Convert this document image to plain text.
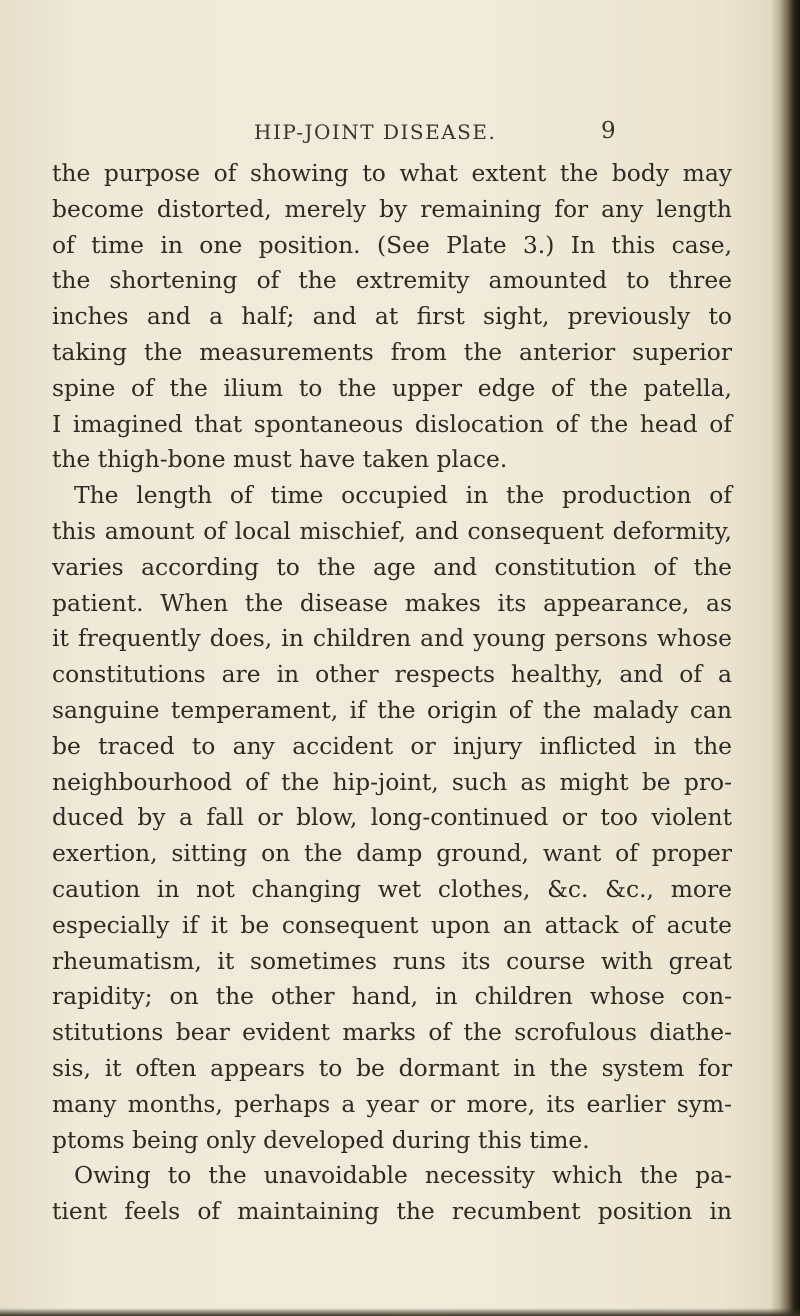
HIP-JOINT DISEASE.	9
the purpose of showing to what extent the body may
become distorted, merely by remaining for any length
of time in one position. (See Plate 3.) In this case,
the shortening of the extremity amounted to three
inches and a half; and at first sight, previously to
taking the measurements from the anterior superior
spine of the ilium to the upper edge of the patella,
I imagined that spontaneous dislocation of the head of
the thigh-bone must have taken place.
The length of time occupied in the production of
this amount of local mischief, and consequent deformity,
varies according to the age and constitution of the
patient. When the disease makes its appearance, as
it frequently does, in children and young persons whose
constitutions are in other respects healthy, and of a
sanguine temperament, if the origin of the malady can
be traced to any accident or injury inflicted in the
neighbourhood of the hip-joint, such as might be pro-
duced by a fall or blow, long-continued or too violent
exertion, sitting on the damp ground, want of proper
caution in not changing wet clothes, &c. &c., more
especially if it be consequent upon an attack of acute
rheumatism, it sometimes runs its course with great
rapidity; on the other hand, in children whose con-
stitutions bear evident marks of the scrofulous diathe-
sis, it often appears to be dormant in the system for
many months, perhaps a year or more, its earlier sym-
ptoms being only developed during this time.
Owing to the unavoidable necessity which the pa-
tient feels of maintaining the recumbent position in
